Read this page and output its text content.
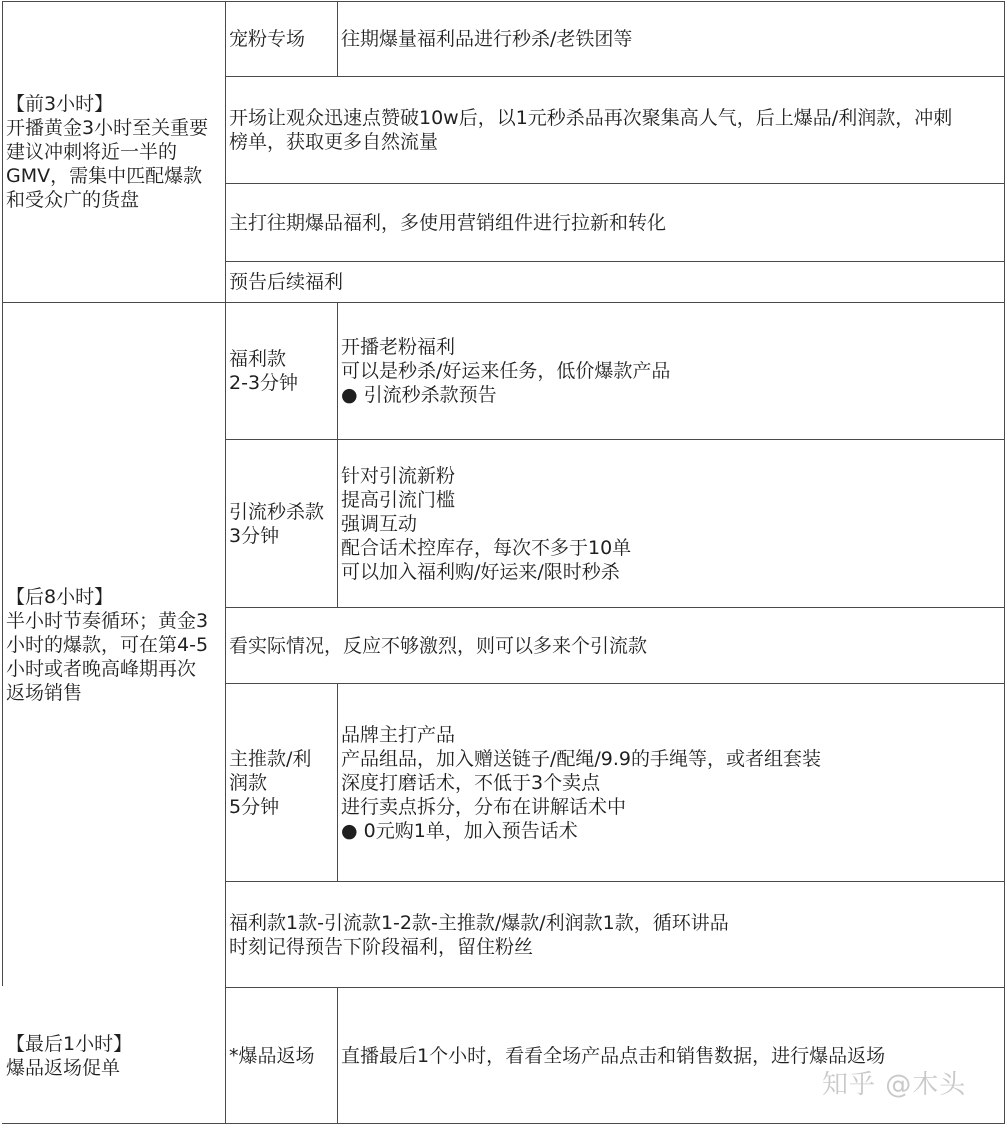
【前3小时】
开播黄金3小时至关重要
建议冲刺将近一半的
GMV，需集中匹配爆款
和受众广的货盘
宠粉专场 往期爆量福利品进行秒杀/老铁团等
开场让观众迅速点赞破10w后，以1元秒杀品再次聚集高人气，后上爆品/利润款，冲刺
榜单，获取更多自然流量
主打往期爆品福利，多使用营销组件进行拉新和转化
预告后续福利
【后8小时】
半小时节奏循环；黄金3
小时的爆款，可在第4-5
小时或者晚高峰期再次
返场销售
福利款
2-3分钟
开播老粉福利
可以是秒杀/好运来任务，低价爆款产品
● 引流秒杀款预告
引流秒杀款
3分钟
针对引流新粉
提高引流门槛
强调互动
配合话术控库存，每次不多于10单
可以加入福利购/好运来/限时秒杀
看实际情况，反应不够激烈，则可以多来个引流款
主推款/利
润款
5分钟
品牌主打产品
产品组品，加入赠送链子/配绳/9.9的手绳等，或者组套装
深度打磨话术，不低于3个卖点
进行卖点拆分，分布在讲解话术中
● 0元购1单，加入预告话术
福利款1款-引流款1-2款-主推款/爆款/利润款1款，循环讲品
时刻记得预告下阶段福利，留住粉丝
【最后1小时】
爆品返场促单
*爆品返场 直播最后1个小时，看看全场产品点击和销售数据，进行爆品返场
知乎 @木头
